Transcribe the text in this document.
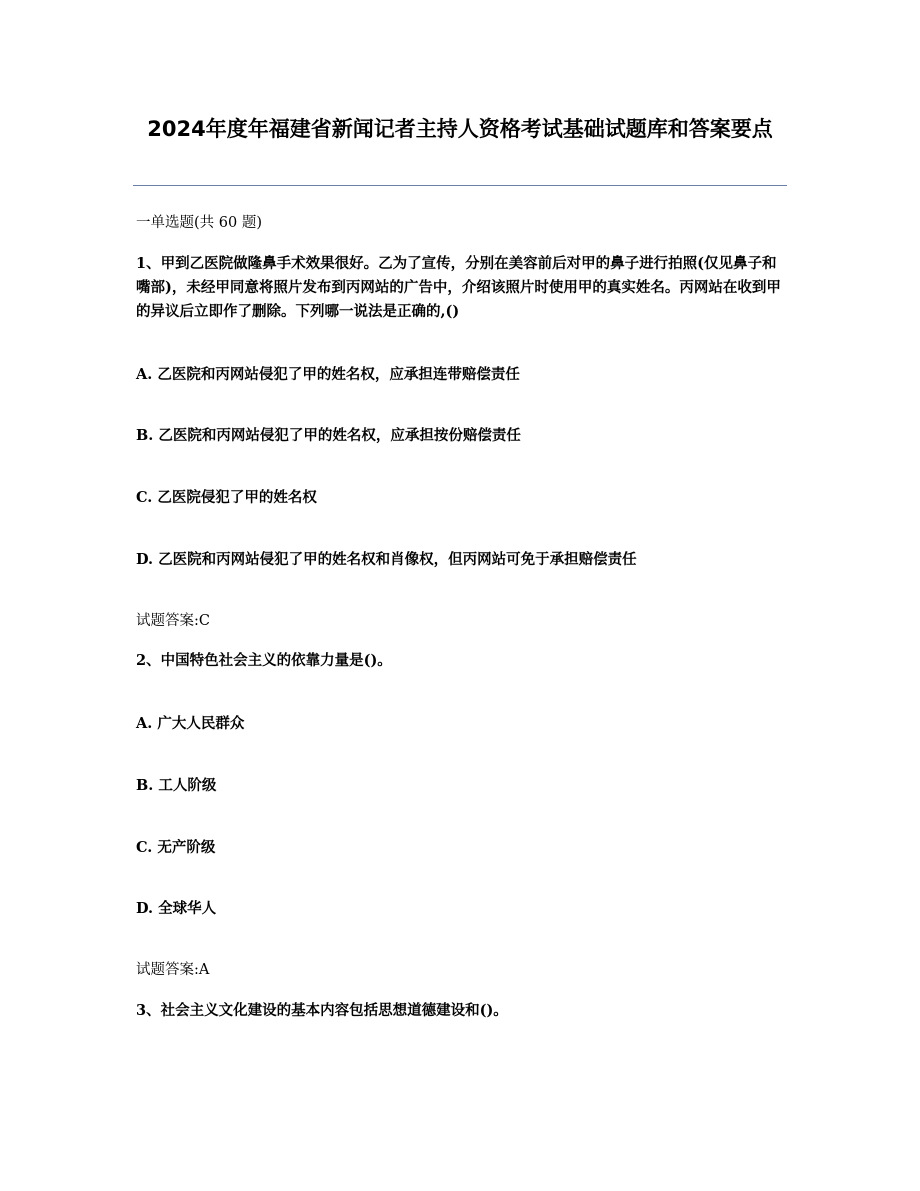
2024年度年福建省新闻记者主持人资格考试基础试题库和答案要点

一单选题(共 60 题)

1、甲到乙医院做隆鼻手术效果很好。乙为了宣传，分别在美容前后对甲的鼻子进行拍照(仅见鼻子和嘴部)，未经甲同意将照片发布到丙网站的广告中，介绍该照片时使用甲的真实姓名。丙网站在收到甲的异议后立即作了删除。下列哪一说法是正确的,()

A. 乙医院和丙网站侵犯了甲的姓名权，应承担连带赔偿责任

B. 乙医院和丙网站侵犯了甲的姓名权，应承担按份赔偿责任

C. 乙医院侵犯了甲的姓名权

D. 乙医院和丙网站侵犯了甲的姓名权和肖像权，但丙网站可免于承担赔偿责任

试题答案:C

2、中国特色社会主义的依靠力量是()。

A. 广大人民群众

B. 工人阶级

C. 无产阶级

D. 全球华人

试题答案:A

3、社会主义文化建设的基本内容包括思想道德建设和()。
